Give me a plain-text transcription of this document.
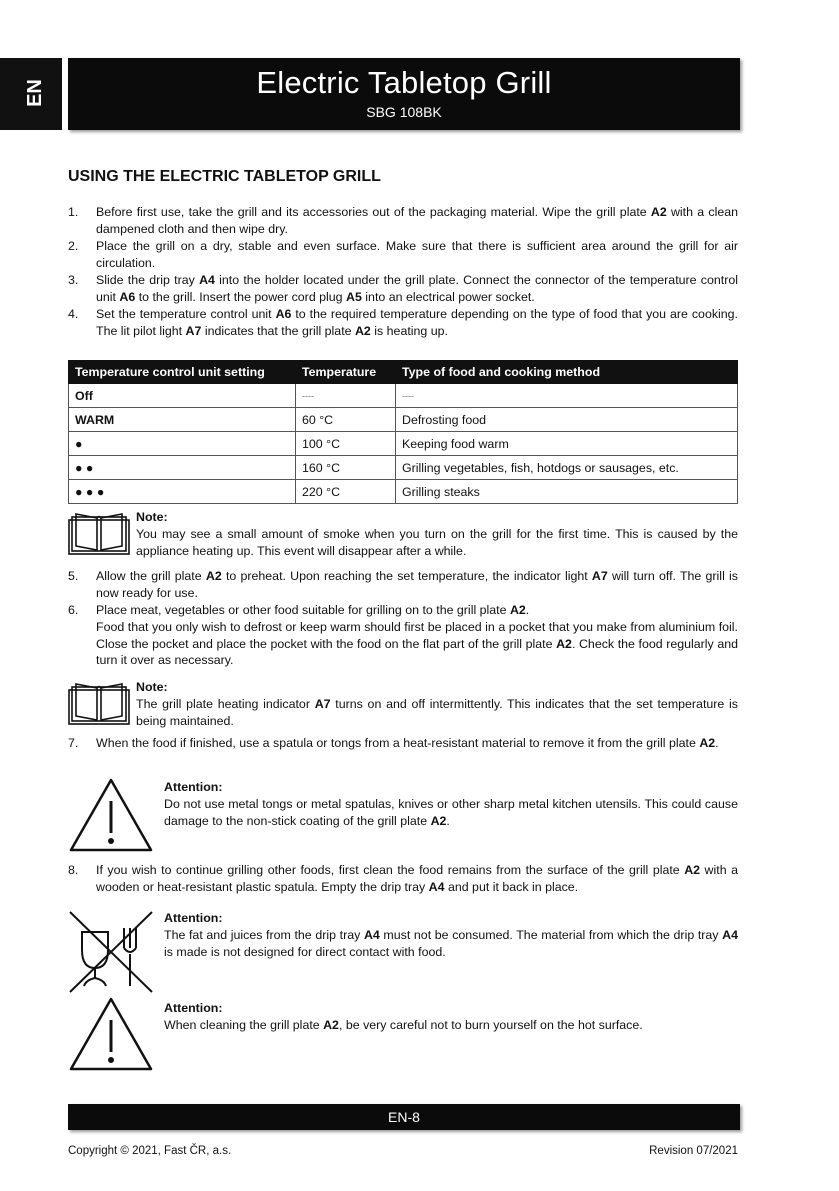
EN	Electric Tabletop Grill
SBG 108BK
USING THE ELECTRIC TABLETOP GRILL
1.	Before first use, take the grill and its accessories out of the packaging material. Wipe the grill plate A2 with a clean dampened cloth and then wipe dry.
2.	Place the grill on a dry, stable and even surface. Make sure that there is sufficient area around the grill for air circulation.
3.	Slide the drip tray A4 into the holder located under the grill plate. Connect the connector of the temperature control unit A6 to the grill. Insert the power cord plug A5 into an electrical power socket.
4.	Set the temperature control unit A6 to the required temperature depending on the type of food that you are cooking. The lit pilot light A7 indicates that the grill plate A2 is heating up.
Temperature control unit setting	Temperature	Type of food and cooking method
Off	----	----
WARM	60 °C	Defrosting food
●	100 °C	Keeping food warm
● ●	160 °C	Grilling vegetables, fish, hotdogs or sausages, etc.
● ● ●	220 °C	Grilling steaks
Note:
You may see a small amount of smoke when you turn on the grill for the first time. This is caused by the appliance heating up. This event will disappear after a while.
5.	Allow the grill plate A2 to preheat. Upon reaching the set temperature, the indicator light A7 will turn off. The grill is now ready for use.
6.	Place meat, vegetables or other food suitable for grilling on to the grill plate A2.
Food that you only wish to defrost or keep warm should first be placed in a pocket that you make from aluminium foil. Close the pocket and place the pocket with the food on the flat part of the grill plate A2. Check the food regularly and turn it over as necessary.
Note:
The grill plate heating indicator A7 turns on and off intermittently. This indicates that the set temperature is being maintained.
7.	When the food if finished, use a spatula or tongs from a heat-resistant material to remove it from the grill plate A2.
Attention:
Do not use metal tongs or metal spatulas, knives or other sharp metal kitchen utensils. This could cause damage to the non-stick coating of the grill plate A2.
8.	If you wish to continue grilling other foods, first clean the food remains from the surface of the grill plate A2 with a wooden or heat-resistant plastic spatula. Empty the drip tray A4 and put it back in place.
Attention:
The fat and juices from the drip tray A4 must not be consumed. The material from which the drip tray A4 is made is not designed for direct contact with food.
Attention:
When cleaning the grill plate A2, be very careful not to burn yourself on the hot surface.
EN-8
Copyright © 2021, Fast ČR, a.s.	Revision 07/2021
